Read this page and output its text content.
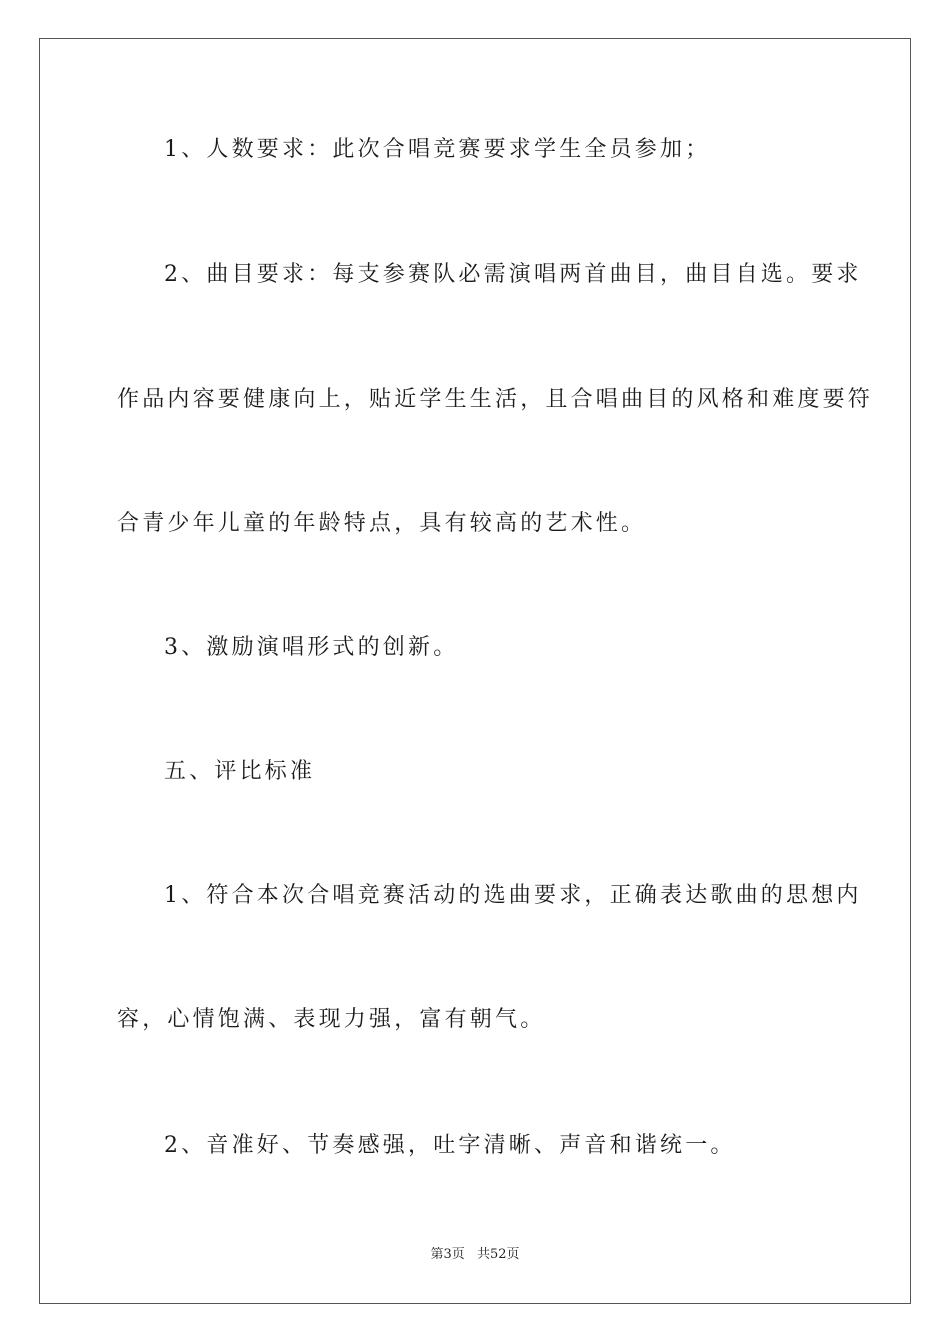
1、人数要求：此次合唱竞赛要求学生全员参加；
2、曲目要求：每支参赛队必需演唱两首曲目，曲目自选。要求
作品内容要健康向上，贴近学生生活，且合唱曲目的风格和难度要符
合青少年儿童的年龄特点，具有较高的艺术性。
3、激励演唱形式的创新。
五、评比标准
1、符合本次合唱竞赛活动的选曲要求，正确表达歌曲的思想内
容，心情饱满、表现力强，富有朝气。
2、音准好、节奏感强，吐字清晰、声音和谐统一。
第3页 共52页
